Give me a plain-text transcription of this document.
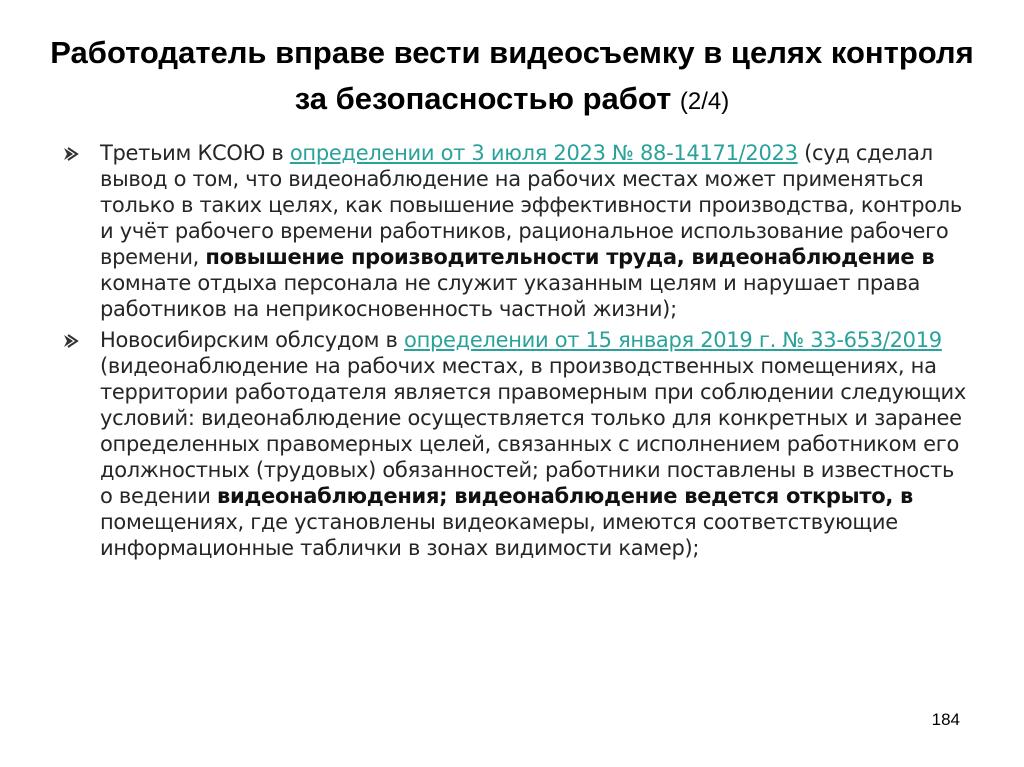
Работодатель вправе вести видеосъемку в целях контроля за безопасностью работ (2/4)
Третьим КСОЮ в определении от 3 июля 2023 № 88-14171/2023 (суд сделал вывод о том, что видеонаблюдение на рабочих местах может применяться только в таких целях, как повышение эффективности производства, контроль и учёт рабочего времени работников, рациональное использование рабочего времени, повышение производительности труда, видеонаблюдение в комнате отдыха персонала не служит указанным целям и нарушает права работников на неприкосновенность частной жизни);
Новосибирским облсудом в определении от 15 января 2019 г. № 33-653/2019 (видеонаблюдение на рабочих местах, в производственных помещениях, на территории работодателя является правомерным при соблюдении следующих условий: видеонаблюдение осуществляется только для конкретных и заранее определенных правомерных целей, связанных с исполнением работником его должностных (трудовых) обязанностей; работники поставлены в известность о ведении видеонаблюдения; видеонаблюдение ведется открыто, в помещениях, где установлены видеокамеры, имеются соответствующие информационные таблички в зонах видимости камер);
184
